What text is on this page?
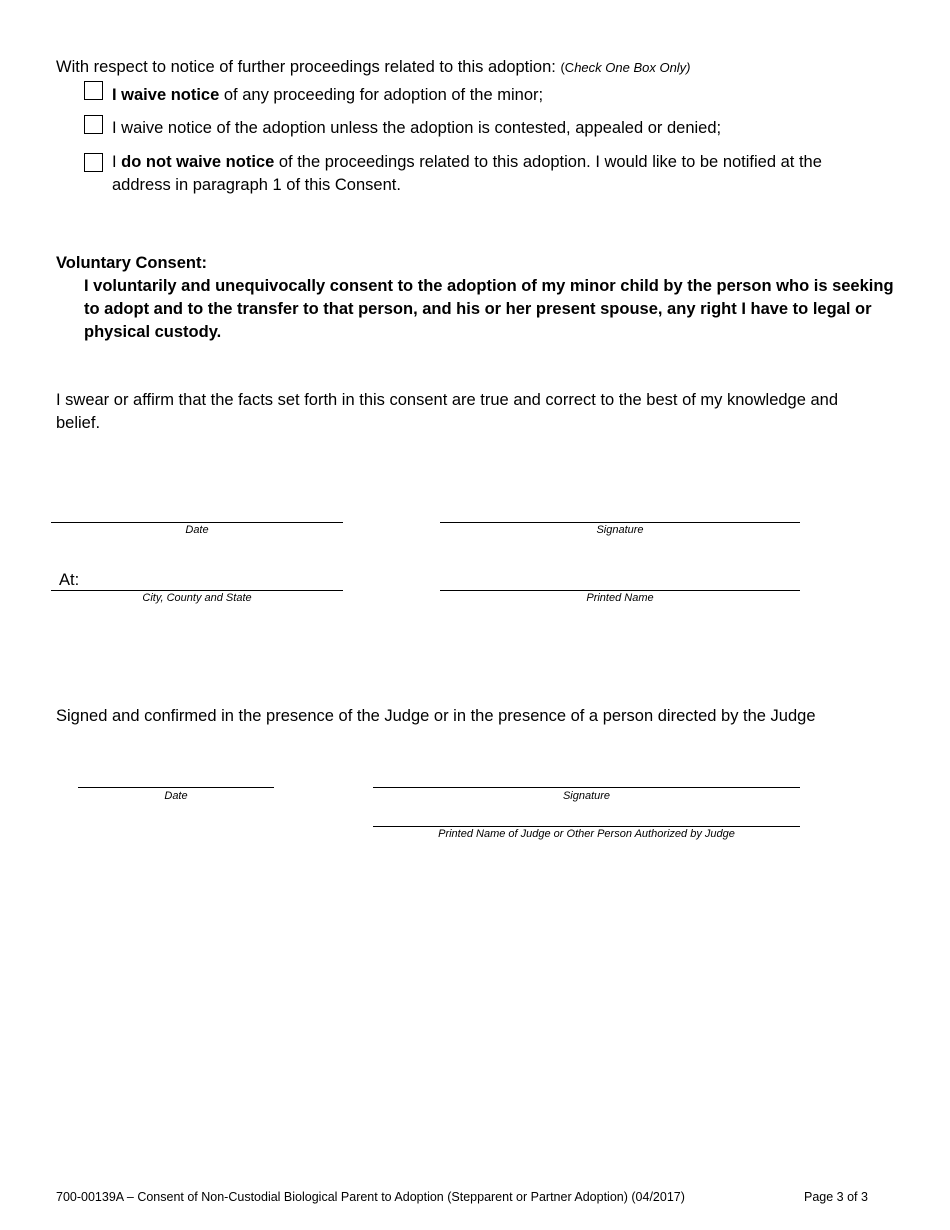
With respect to notice of further proceedings related to this adoption: (Check One Box Only)
I waive notice of any proceeding for adoption of the minor;
I waive notice of the adoption unless the adoption is contested, appealed or denied;
I do not waive notice of the proceedings related to this adoption. I would like to be notified at the
address in paragraph 1 of this Consent.
Voluntary Consent:
I voluntarily and unequivocally consent to the adoption of my minor child by the person who is seeking
to adopt and to the transfer to that person, and his or her present spouse, any right I have to legal or
physical custody.
I swear or affirm that the facts set forth in this consent are true and correct to the best of my knowledge and
belief.
Date	Signature
At:
City, County and State	Printed Name
Signed and confirmed in the presence of the Judge or in the presence of a person directed by the Judge
Date	Signature
Printed Name of Judge or Other Person Authorized by Judge
700-00139A – Consent of Non-Custodial Biological Parent to Adoption (Stepparent or Partner Adoption) (04/2017)	Page 3 of 3
